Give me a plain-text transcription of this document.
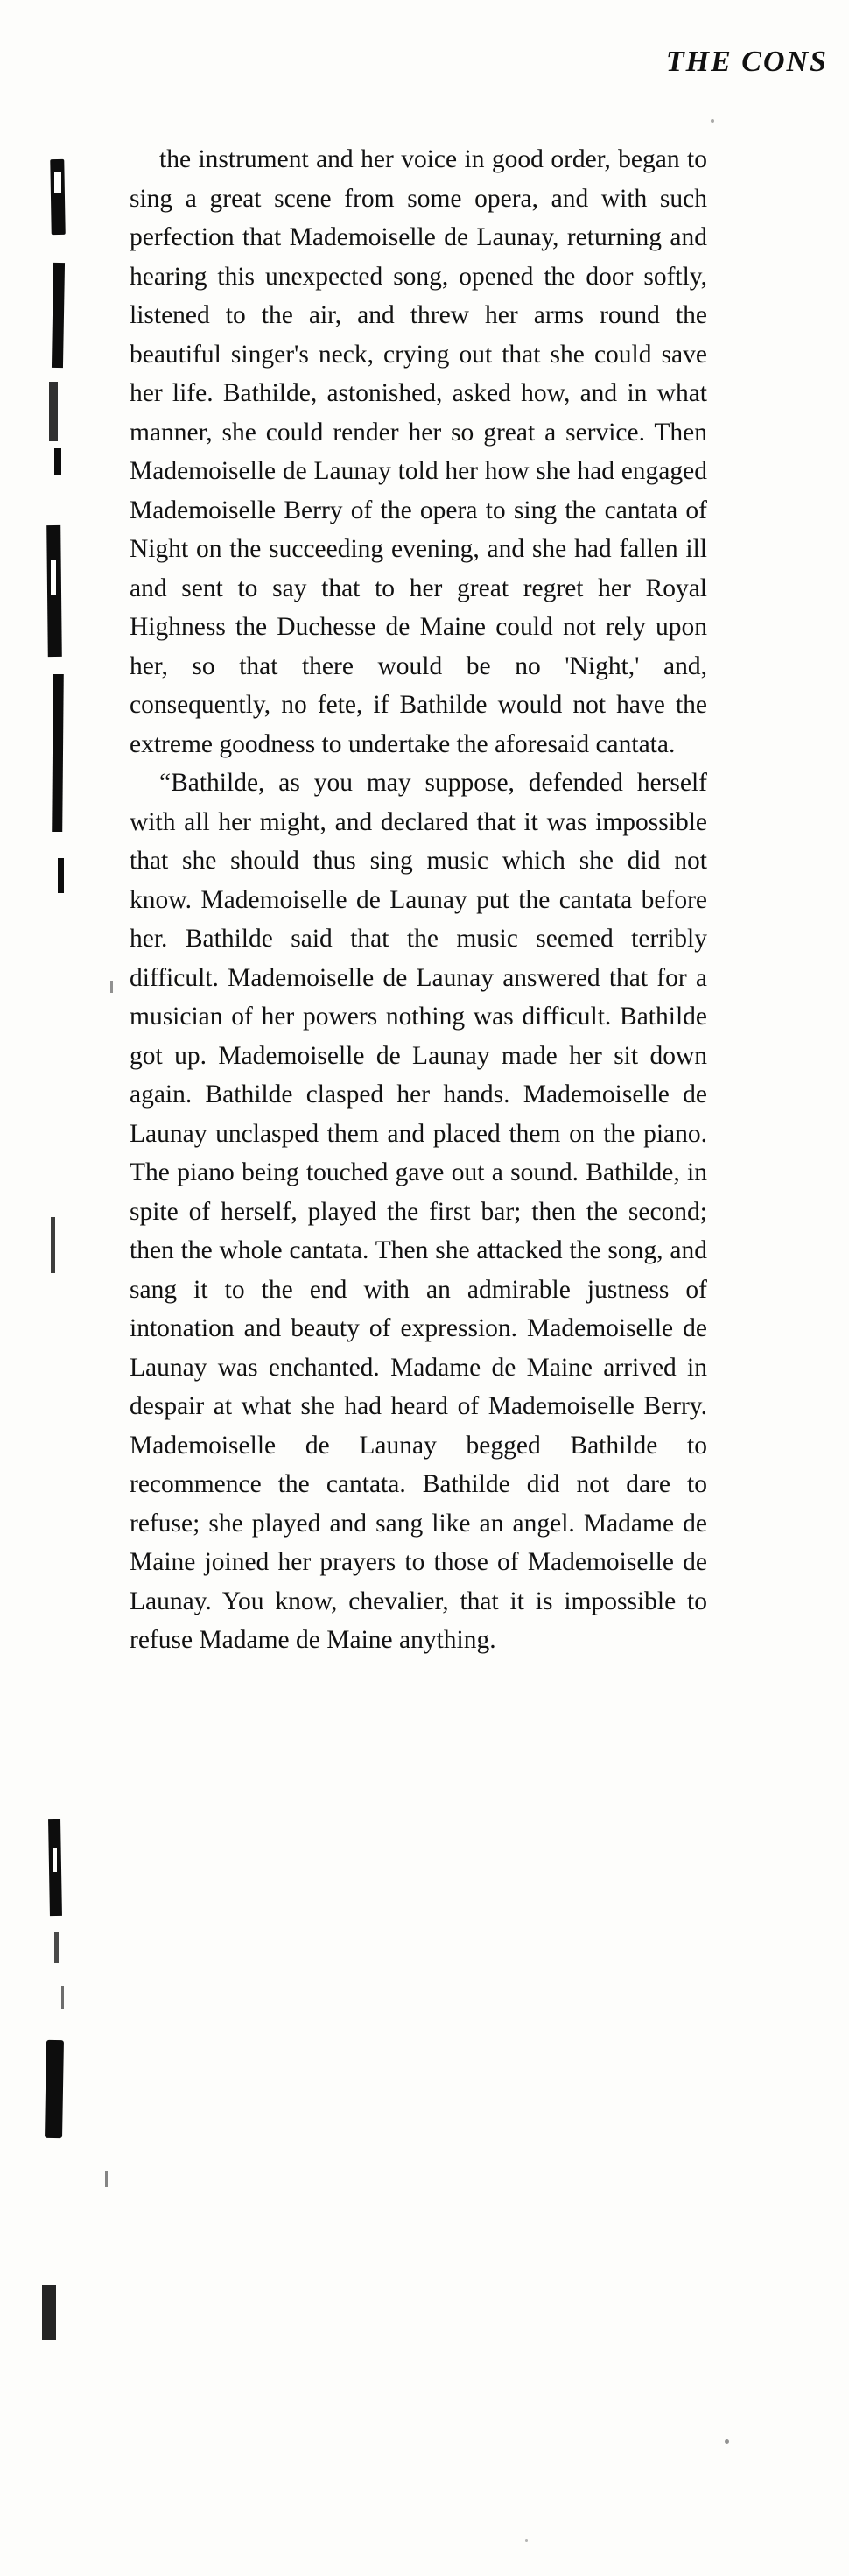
THE CONS

the instrument and her voice in good order, began to sing a great scene from some opera, and with such perfection that Mademoiselle de Launay, returning and hearing this unexpected song, opened the door softly, listened to the air, and threw her arms round the beautiful singer's neck, crying out that she could save her life. Bathilde, astonished, asked how, and in what manner, she could render her so great a service. Then Mademoiselle de Launay told her how she had engaged Mademoiselle Berry of the opera to sing the cantata of Night on the succeeding evening, and she had fallen ill and sent to say that to her great regret her Royal Highness the Duchesse de Maine could not rely upon her, so that there would be no 'Night,' and, consequently, no fete, if Bathilde would not have the extreme goodness to undertake the aforesaid cantata.

“Bathilde, as you may suppose, defended herself with all her might, and declared that it was impossible that she should thus sing music which she did not know. Mademoiselle de Launay put the cantata before her. Bathilde said that the music seemed terribly difficult. Mademoiselle de Launay answered that for a musician of her powers nothing was difficult. Bathilde got up. Mademoiselle de Launay made her sit down again. Bathilde clasped her hands. Mademoiselle de Launay unclasped them and placed them on the piano. The piano being touched gave out a sound. Bathilde, in spite of herself, played the first bar; then the second; then the whole cantata. Then she attacked the song, and sang it to the end with an admirable justness of intonation and beauty of expression. Mademoiselle de Launay was enchanted. Madame de Maine arrived in despair at what she had heard of Mademoiselle Berry. Mademoiselle de Launay begged Bathilde to recommence the cantata. Bathilde did not dare to refuse; she played and sang like an angel. Madame de Maine joined her prayers to those of Mademoiselle de Launay. You know, chevalier, that it is impossible to refuse Madame de Maine anything.
